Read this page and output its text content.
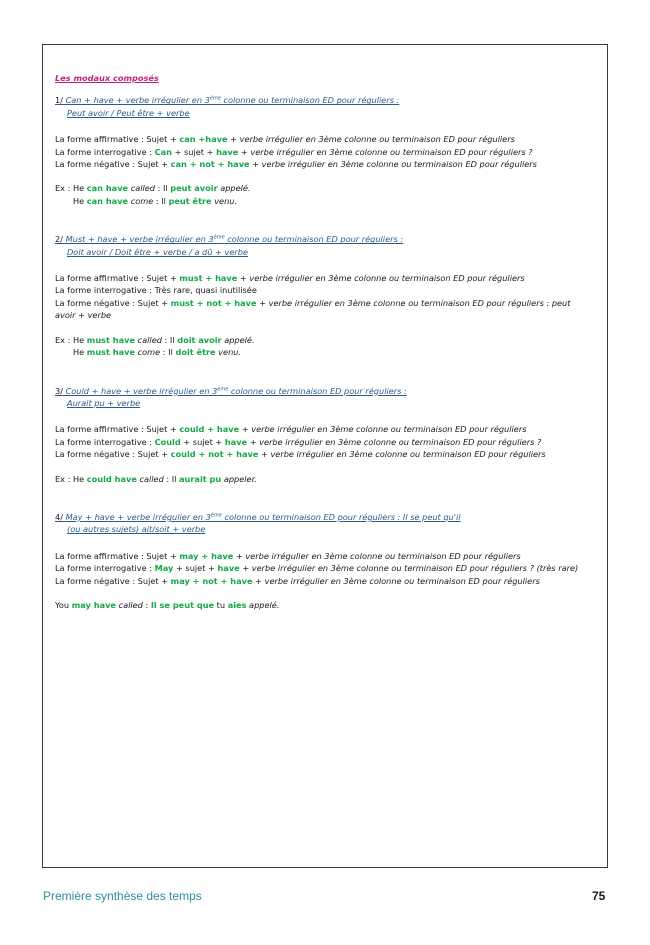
Les modaux composés
1/ Can + have + verbe irrégulier en 3ème colonne ou terminaison ED pour réguliers :
Peut avoir / Peut être + verbe
La forme affirmative : Sujet + can +have + verbe irrégulier en 3ème colonne ou terminaison ED pour réguliers
La forme interrogative : Can + sujet + have + verbe irrégulier en 3ème colonne ou terminaison ED pour réguliers ?
La forme négative : Sujet + can + not + have + verbe irrégulier en 3ème colonne ou terminaison ED pour réguliers
Ex : He can have called : Il peut avoir appelé.
He can have come : Il peut être venu.
2/ Must + have + verbe irrégulier en 3ème colonne ou terminaison ED pour réguliers :
Doit avoir / Doit être + verbe / a dû + verbe
La forme affirmative : Sujet + must + have + verbe irrégulier en 3ème colonne ou terminaison ED pour réguliers
La forme interrogative : Très rare, quasi inutilisée
La forme négative : Sujet + must + not + have + verbe irrégulier en 3ème colonne ou terminaison ED pour réguliers : peut avoir + verbe
Ex : He must have called : Il doit avoir appelé.
He must have come : Il doit être venu.
3/ Could + have + verbe irrégulier en 3ème colonne ou terminaison ED pour réguliers :
Aurait pu + verbe
La forme affirmative : Sujet + could + have + verbe irrégulier en 3ème colonne ou terminaison ED pour réguliers
La forme interrogative : Could + sujet + have + verbe irrégulier en 3ème colonne ou terminaison ED pour réguliers ?
La forme négative : Sujet + could + not + have + verbe irrégulier en 3ème colonne ou terminaison ED pour réguliers
Ex : He could have called : Il aurait pu appeler.
4/ May + have + verbe irrégulier en 3ème colonne ou terminaison ED pour réguliers : Il se peut qu'il
(ou autres sujets) ait/soit + verbe
La forme affirmative : Sujet + may + have + verbe irrégulier en 3ème colonne ou terminaison ED pour réguliers
La forme interrogative : May + sujet + have + verbe irrégulier en 3ème colonne ou terminaison ED pour réguliers ? (très rare)
La forme négative : Sujet + may + not + have + verbe irrégulier en 3ème colonne ou terminaison ED pour réguliers
You may have called : Il se peut que tu aies appelé.
Première synthèse des temps	75
